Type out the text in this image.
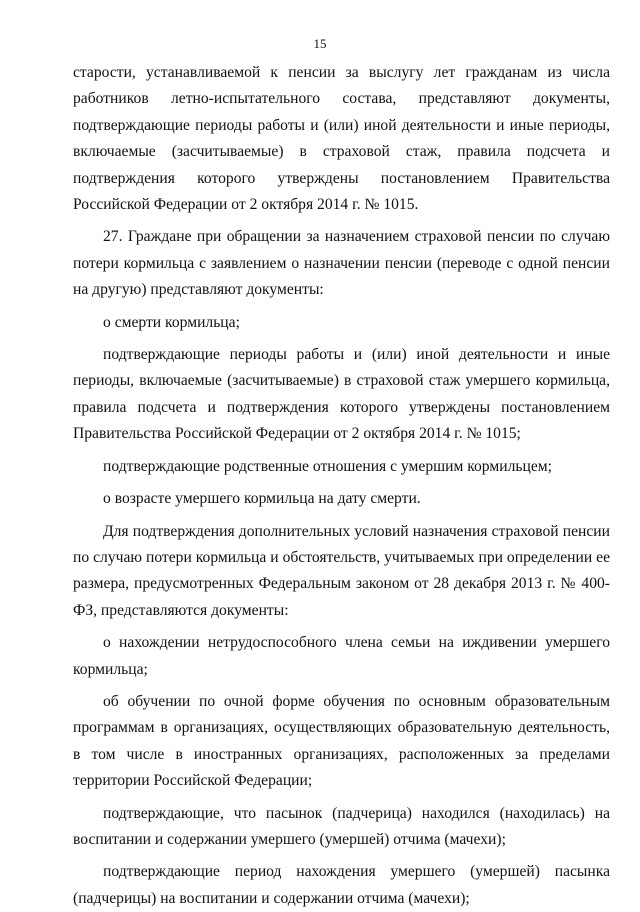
15

старости, устанавливаемой к пенсии за выслугу лет гражданам из числа работников летно-испытательного состава, представляют документы, подтверждающие периоды работы и (или) иной деятельности и иные периоды, включаемые (засчитываемые) в страховой стаж, правила подсчета и подтверждения которого утверждены постановлением Правительства Российской Федерации от 2 октября 2014 г. № 1015.

27. Граждане при обращении за назначением страховой пенсии по случаю потери кормильца с заявлением о назначении пенсии (переводе с одной пенсии на другую) представляют документы:

о смерти кормильца;

подтверждающие периоды работы и (или) иной деятельности и иные периоды, включаемые (засчитываемые) в страховой стаж умершего кормильца, правила подсчета и подтверждения которого утверждены постановлением Правительства Российской Федерации от 2 октября 2014 г. № 1015;

подтверждающие родственные отношения с умершим кормильцем;

о возрасте умершего кормильца на дату смерти.

Для подтверждения дополнительных условий назначения страховой пенсии по случаю потери кормильца и обстоятельств, учитываемых при определении ее размера, предусмотренных Федеральным законом от 28 декабря 2013 г. № 400-ФЗ, представляются документы:

о нахождении нетрудоспособного члена семьи на иждивении умершего кормильца;

об обучении по очной форме обучения по основным образовательным программам в организациях, осуществляющих образовательную деятельность, в том числе в иностранных организациях, расположенных за пределами территории Российской Федерации;

подтверждающие, что пасынок (падчерица) находился (находилась) на воспитании и содержании умершего (умершей) отчима (мачехи);

подтверждающие период нахождения умершего (умершей) пасынка (падчерицы) на воспитании и содержании отчима (мачехи);
